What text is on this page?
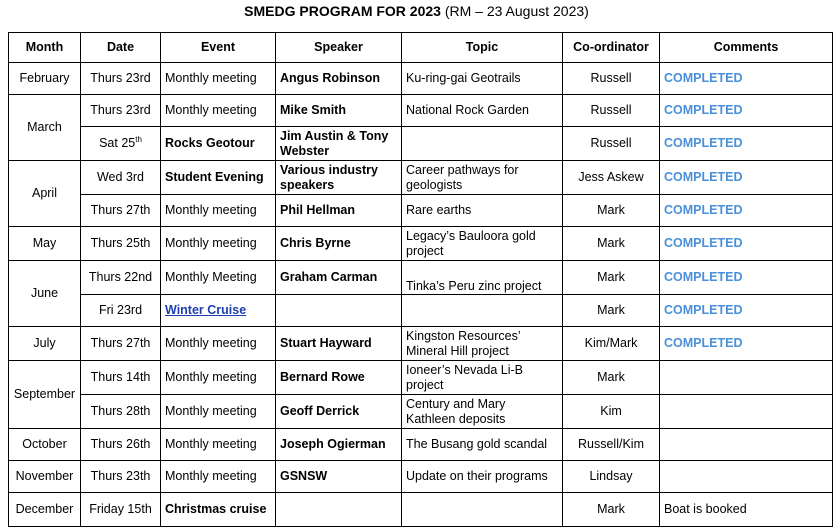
SMEDG PROGRAM FOR 2023 (RM – 23 August 2023)
Month	Date	Event	Speaker	Topic	Co-ordinator	Comments
February	Thurs 23rd	Monthly meeting	Angus Robinson	Ku-ring-gai Geotrails	Russell	COMPLETED
March	Thurs 23rd	Monthly meeting	Mike Smith	National Rock Garden	Russell	COMPLETED
	Sat 25th	Rocks Geotour	Jim Austin & Tony Webster		Russell	COMPLETED
April	Wed 3rd	Student Evening	Various industry speakers	Career pathways for geologists	Jess Askew	COMPLETED
	Thurs 27th	Monthly meeting	Phil Hellman	Rare earths	Mark	COMPLETED
May	Thurs 25th	Monthly meeting	Chris Byrne	Legacy’s Bauloora gold project	Mark	COMPLETED
June	Thurs 22nd	Monthly Meeting	Graham Carman	Tinka’s Peru zinc project	Mark	COMPLETED
	Fri 23rd	Winter Cruise			Mark	COMPLETED
July	Thurs 27th	Monthly meeting	Stuart Hayward	Kingston Resources’ Mineral Hill project	Kim/Mark	COMPLETED
September	Thurs 14th	Monthly meeting	Bernard Rowe	Ioneer’s Nevada Li-B project	Mark	
	Thurs 28th	Monthly meeting	Geoff Derrick	Century and Mary Kathleen deposits	Kim	
October	Thurs 26th	Monthly meeting	Joseph Ogierman	The Busang gold scandal	Russell/Kim	
November	Thurs 23th	Monthly meeting	GSNSW	Update on their programs	Lindsay	
December	Friday 15th	Christmas cruise			Mark	Boat is booked
